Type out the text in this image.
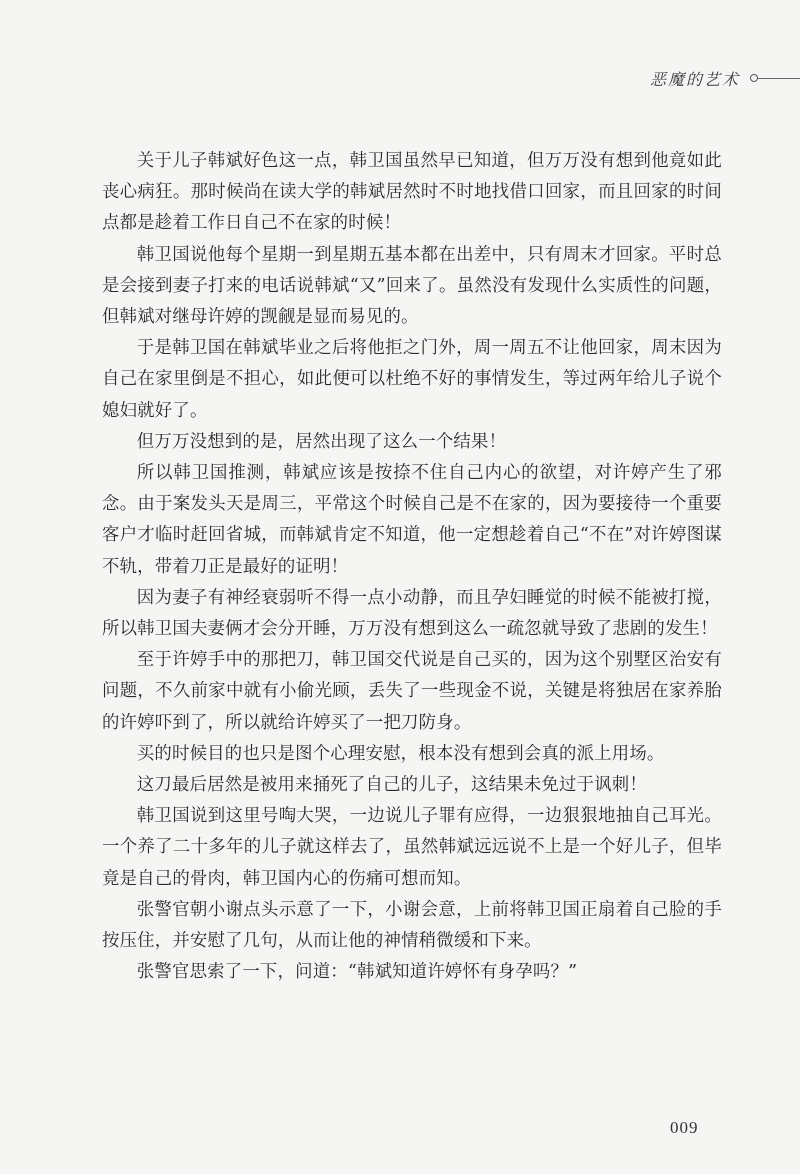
恶魔的艺术

关于儿子韩斌好色这一点，韩卫国虽然早已知道，但万万没有想到他竟如此丧心病狂。那时候尚在读大学的韩斌居然时不时地找借口回家，而且回家的时间点都是趁着工作日自己不在家的时候！

韩卫国说他每个星期一到星期五基本都在出差中，只有周末才回家。平时总是会接到妻子打来的电话说韩斌“又”回来了。虽然没有发现什么实质性的问题，但韩斌对继母许婷的觊觎是显而易见的。

于是韩卫国在韩斌毕业之后将他拒之门外，周一周五不让他回家，周末因为自己在家里倒是不担心，如此便可以杜绝不好的事情发生，等过两年给儿子说个媳妇就好了。

但万万没想到的是，居然出现了这么一个结果！

所以韩卫国推测，韩斌应该是按捺不住自己内心的欲望，对许婷产生了邪念。由于案发头天是周三，平常这个时候自己是不在家的，因为要接待一个重要客户才临时赶回省城，而韩斌肯定不知道，他一定想趁着自己“不在”对许婷图谋不轨，带着刀正是最好的证明！

因为妻子有神经衰弱听不得一点小动静，而且孕妇睡觉的时候不能被打搅，所以韩卫国夫妻俩才会分开睡，万万没有想到这么一疏忽就导致了悲剧的发生！

至于许婷手中的那把刀，韩卫国交代说是自己买的，因为这个别墅区治安有问题，不久前家中就有小偷光顾，丢失了一些现金不说，关键是将独居在家养胎的许婷吓到了，所以就给许婷买了一把刀防身。

买的时候目的也只是图个心理安慰，根本没有想到会真的派上用场。

这刀最后居然是被用来捅死了自己的儿子，这结果未免过于讽刺！

韩卫国说到这里号啕大哭，一边说儿子罪有应得，一边狠狠地抽自己耳光。一个养了二十多年的儿子就这样去了，虽然韩斌远远说不上是一个好儿子，但毕竟是自己的骨肉，韩卫国内心的伤痛可想而知。

张警官朝小谢点头示意了一下，小谢会意，上前将韩卫国正扇着自己脸的手按压住，并安慰了几句，从而让他的神情稍微缓和下来。

张警官思索了一下，问道：“韩斌知道许婷怀有身孕吗？”

009
